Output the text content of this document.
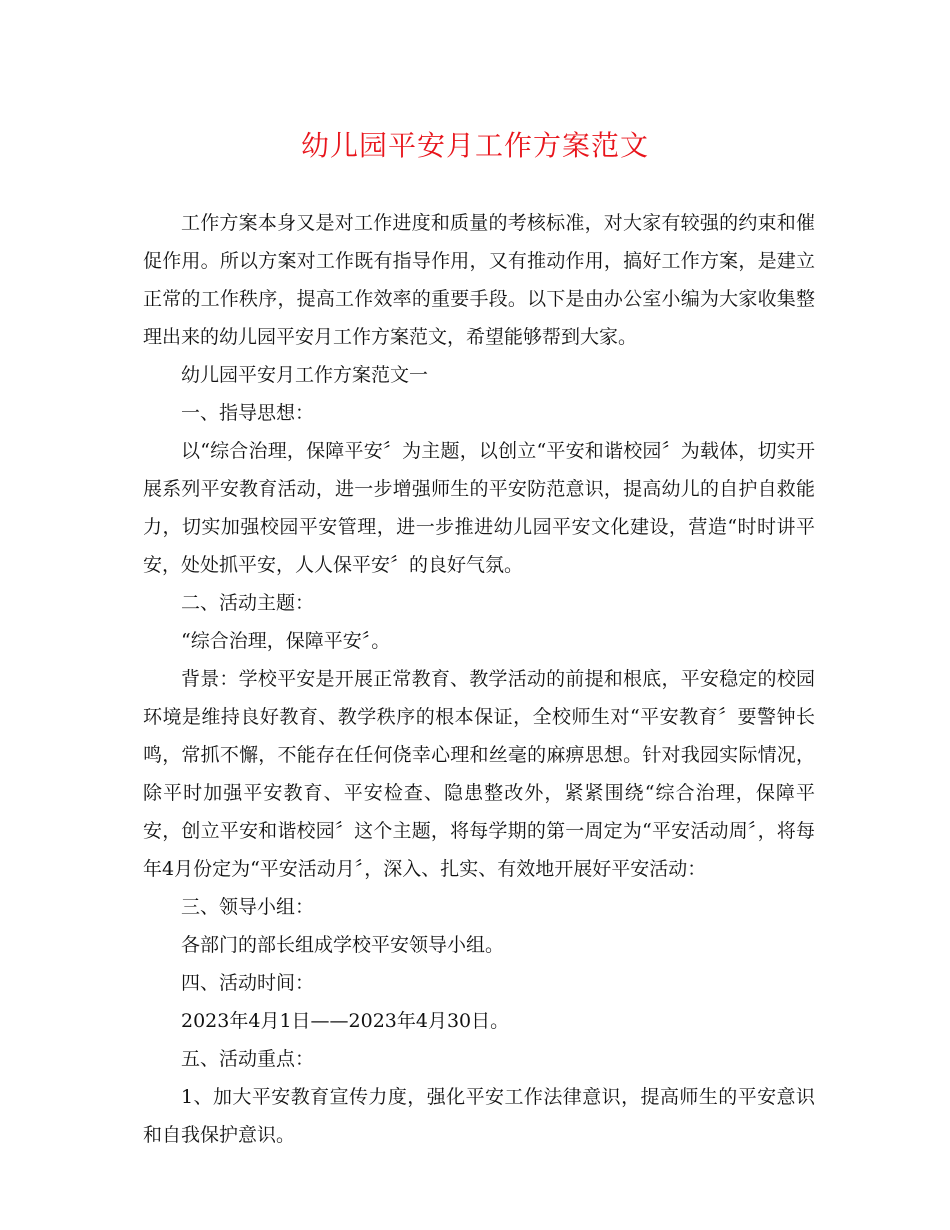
幼儿园平安月工作方案范文

工作方案本身又是对工作进度和质量的考核标准，对大家有较强的约束和催促作用。所以方案对工作既有指导作用，又有推动作用，搞好工作方案，是建立正常的工作秩序，提高工作效率的重要手段。以下是由办公室小编为大家收集整理出来的幼儿园平安月工作方案范文，希望能够帮到大家。

幼儿园平安月工作方案范文一

一、指导思想：

以“综合治理，保障平安〞为主题，以创立“平安和谐校园〞为载体，切实开展系列平安教育活动，进一步增强师生的平安防范意识，提高幼儿的自护自救能力，切实加强校园平安管理，进一步推进幼儿园平安文化建设，营造“时时讲平安，处处抓平安，人人保平安〞的良好气氛。

二、活动主题：

“综合治理，保障平安〞。

背景：学校平安是开展正常教育、教学活动的前提和根底，平安稳定的校园环境是维持良好教育、教学秩序的根本保证，全校师生对“平安教育〞要警钟长鸣，常抓不懈，不能存在任何侥幸心理和丝毫的麻痹思想。针对我园实际情况，除平时加强平安教育、平安检查、隐患整改外，紧紧围绕“综合治理，保障平安，创立平安和谐校园〞这个主题，将每学期的第一周定为“平安活动周〞，将每年4月份定为“平安活动月〞，深入、扎实、有效地开展好平安活动：

三、领导小组：

各部门的部长组成学校平安领导小组。

四、活动时间：

2023年4月1日——2023年4月30日。

五、活动重点：

1、加大平安教育宣传力度，强化平安工作法律意识，提高师生的平安意识和自我保护意识。
